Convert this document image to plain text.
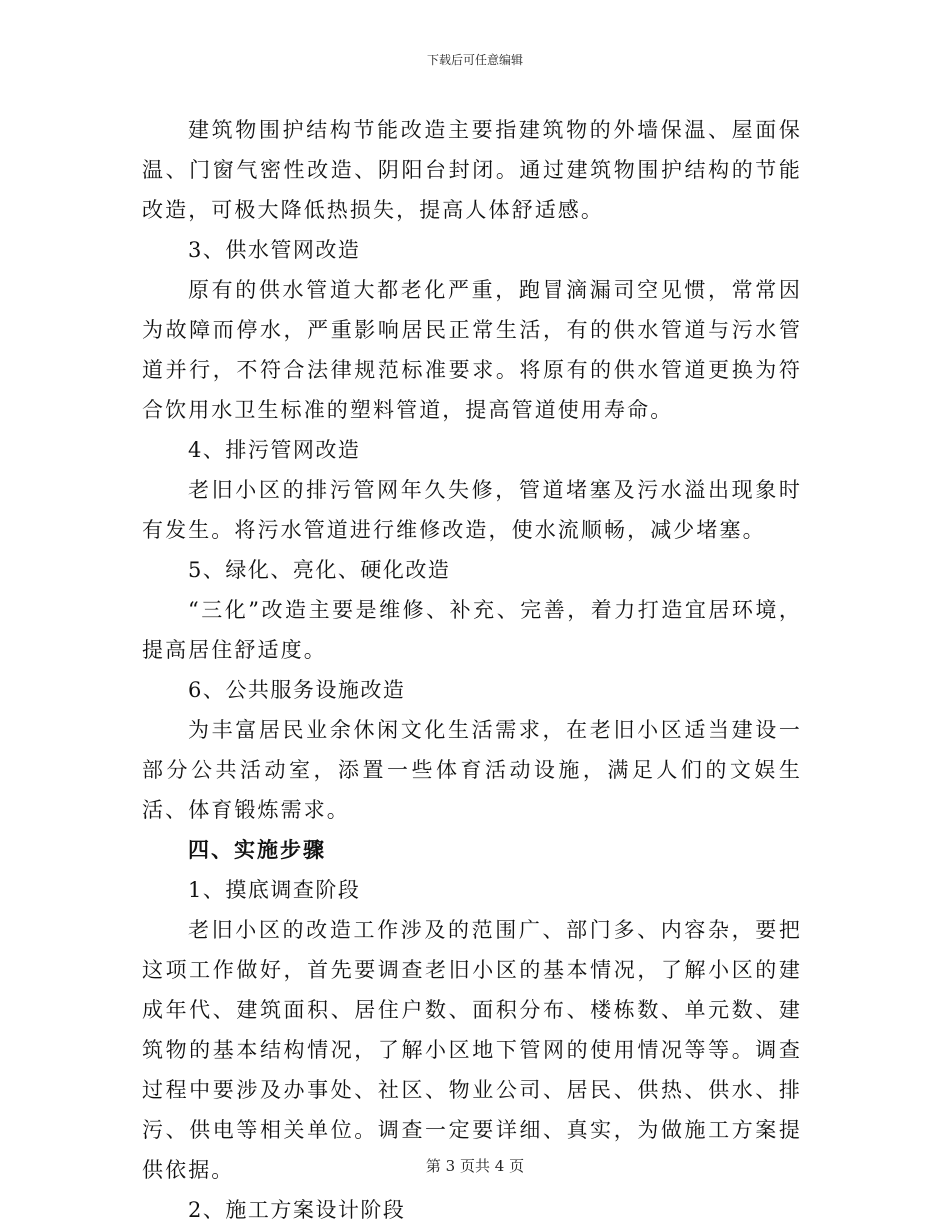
下载后可任意编辑

建筑物围护结构节能改造主要指建筑物的外墙保温、屋面保温、门窗气密性改造、阴阳台封闭。通过建筑物围护结构的节能改造，可极大降低热损失，提高人体舒适感。

3、供水管网改造

原有的供水管道大都老化严重，跑冒滴漏司空见惯，常常因为故障而停水，严重影响居民正常生活，有的供水管道与污水管道并行，不符合法律规范标准要求。将原有的供水管道更换为符合饮用水卫生标准的塑料管道，提高管道使用寿命。

4、排污管网改造

老旧小区的排污管网年久失修，管道堵塞及污水溢出现象时有发生。将污水管道进行维修改造，使水流顺畅，减少堵塞。

5、绿化、亮化、硬化改造

“三化”改造主要是维修、补充、完善，着力打造宜居环境，提高居住舒适度。

6、公共服务设施改造

为丰富居民业余休闲文化生活需求，在老旧小区适当建设一部分公共活动室，添置一些体育活动设施，满足人们的文娱生活、体育锻炼需求。

四、实施步骤

1、摸底调查阶段

老旧小区的改造工作涉及的范围广、部门多、内容杂，要把这项工作做好，首先要调查老旧小区的基本情况，了解小区的建成年代、建筑面积、居住户数、面积分布、楼栋数、单元数、建筑物的基本结构情况，了解小区地下管网的使用情况等等。调查过程中要涉及办事处、社区、物业公司、居民、供热、供水、排污、供电等相关单位。调查一定要详细、真实，为做施工方案提供依据。

2、施工方案设计阶段

第 3 页共 4 页
